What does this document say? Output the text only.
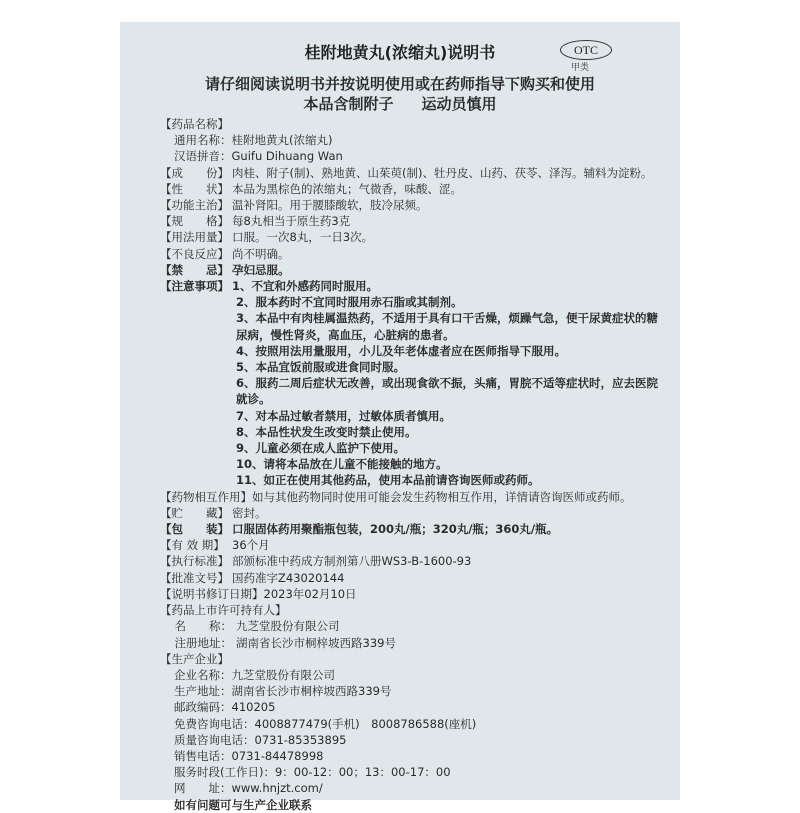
OTC
甲类
桂附地黄丸(浓缩丸)说明书
请仔细阅读说明书并按说明使用或在药师指导下购买和使用
本品含制附子 运动员慎用
【药品名称】
通用名称： 桂附地黄丸(浓缩丸)
汉语拼音： Guifu Dihuang Wan
【成　　份】 肉桂、附子(制)、熟地黄、山茱萸(制)、牡丹皮、山药、茯苓、泽泻。辅料为淀粉。
【性　　状】 本品为黑棕色的浓缩丸；气微香，味酸、涩。
【功能主治】 温补肾阳。用于腰膝酸软，肢冷尿频。
【规　　格】 每8丸相当于原生药3克
【用法用量】 口服。一次8丸，一日3次。
【不良反应】 尚不明确。
【禁　　忌】 孕妇忌服。
【注意事项】 1、不宜和外感药同时服用。
2、服本药时不宜同时服用赤石脂或其制剂。
3、本品中有肉桂属温热药，不适用于具有口干舌燥，烦躁气急，便干尿黄症状的糖尿病，慢性肾炎，高血压，心脏病的患者。
4、按照用法用量服用，小儿及年老体虚者应在医师指导下服用。
5、本品宜饭前服或进食同时服。
6、服药二周后症状无改善，或出现食欲不振，头痛，胃脘不适等症状时，应去医院就诊。
7、对本品过敏者禁用，过敏体质者慎用。
8、本品性状发生改变时禁止使用。
9、儿童必须在成人监护下使用。
10、请将本品放在儿童不能接触的地方。
11、如正在使用其他药品，使用本品前请咨询医师或药师。
【药物相互作用】 如与其他药物同时使用可能会发生药物相互作用，详情请咨询医师或药师。
【贮　　藏】 密封。
【包　　装】 口服固体药用聚酯瓶包装，200丸/瓶；320丸/瓶；360丸/瓶。
【有 效 期】 36个月
【执行标准】 部颁标准中药成方制剂第八册WS3-B-1600-93
【批准文号】 国药准字Z43020144
【说明书修订日期】 2023年02月10日
【药品上市许可持有人】
名　　称： 九芝堂股份有限公司
注册地址： 湖南省长沙市桐梓坡西路339号
【生产企业】
企业名称：九芝堂股份有限公司
生产地址：湖南省长沙市桐梓坡西路339号
邮政编码：410205
免费咨询电话：4008877479(手机)　8008786588(座机)
质量咨询电话：0731-85353895
销售电话：0731-84478998
服务时段(工作日)：9：00-12：00；13：00-17：00
网　　址：www.hnjzt.com/
如有问题可与生产企业联系
